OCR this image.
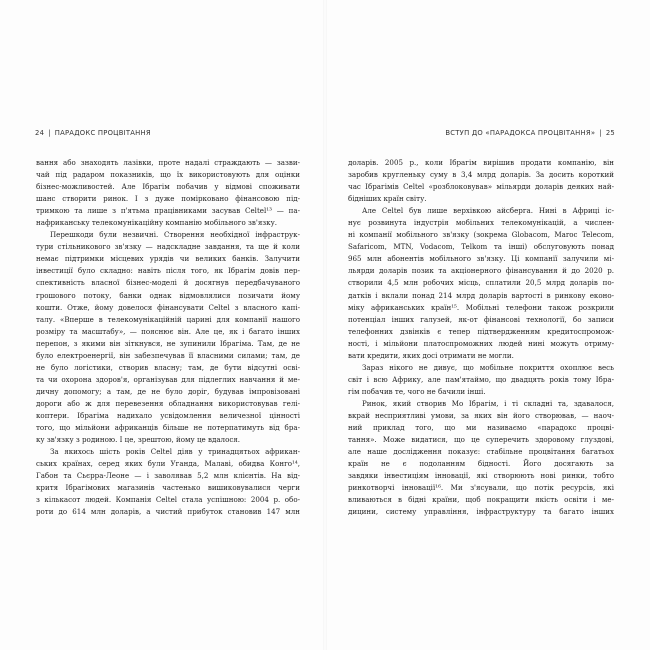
24 | ПАРАДОКС ПРОЦВІТАННЯ
вання або знаходять лазівки, проте надалі страждають — зазви-
чай під радаром показників, що їх використовують для оцінки
бізнес-можливостей. Але Ібрагім побачив у відмові споживати
шанс створити ринок. І з дуже помірковано фінансовою під-
тримкою та лише з п'ятьма працівниками засував Celtel¹³ — па-
нафриканську телекомунікаційну компанію мобільного зв'язку.
Перешкоди були незвичні. Створення необхідної інфраструк-
тури стільникового зв'язку — надскладне завдання, та ще й коли
немає підтримки місцевих урядів чи великих банків. Залучити
інвестиції було складно: навіть після того, як Ібрагім довів пер-
спективність власної бізнес-моделі й досягнув передбачуваного
грошового потоку, банки однак відмовлялися позичати йому
кошти. Отже, йому довелося фінансувати Celtel з власного капі-
талу. «Вперше в телекомунікаційній царині для компанії нашого
розміру та масштабу», — пояснює він. Але це, як і багато інших
перепон, з якими він зіткнувся, не зупинили Ібрагіма. Там, де не
було електроенергії, він забезпечував її власними силами; там, де
не було логістики, створив власну; там, де бути відсутні осві-
та чи охорона здоров'я, організував для підлеглих навчання й ме-
дичну допомогу; а там, де не було доріг, будував імпровізовані
дороги або ж для перевезення обладнання використовував гелі-
коптери. Ібрагіма надихало усвідомлення величезної цінності
того, що мільйони африканців більше не потерпатимуть від бра-
ку зв'язку з родиною. І це, зрештою, йому це вдалося.
За якихось шість років Celtel діяв у тринадцятьох африкан-
ських країнах, серед яких були Уганда, Малаві, обидва Конго¹⁴,
Габон та Сьєрра-Леоне — і заволявав 5,2 млн клієнтів. На від-
критя Ібрагімових магазинів частенько вишиковувалися черги
з кількасот людей. Компанія Celtel стала успішною: 2004 р. обо-
роти до 614 млн доларів, а чистий прибуток становив 147 млн
ВСТУП ДО «ПАРАДОКСА ПРОЦВІТАННЯ» | 25
доларів. 2005 р., коли Ібрагім вирішив продати компанію, він
заробив кругленьку суму в 3,4 млрд доларів. За досить короткий
час Ібрагімів Celtel «розблоковував» мільярди доларів деяких най-
бідніших країн світу.
Але Celtel був лише верхівкою айсберга. Нині в Африці іс-
нує розвинута індустрія мобільних телекомунікацій, а числен-
ні компанії мобільного зв'язку (зокрема Globacom, Maroc Telecom,
Safaricom, MTN, Vodacom, Telkom та інші) обслуговують понад
965 млн абонентів мобільного зв'язку. Ці компанії залучили мі-
льярди доларів позик та акціонерного фінансування й до 2020 р.
створили 4,5 млн робочих місць, сплатили 20,5 млрд доларів по-
датків і вклали понад 214 млрд доларів вартості в ринкову еконо-
міку африканських країн¹⁵. Мобільні телефони також розкрили
потенціал інших галузей, як-от фінансові технології, бо записи
телефонних дзвінків є тепер підтвердженням кредитоспромож-
ності, і мільйони платоспроможних людей нині можуть отриму-
вати кредити, яких досі отримати не могли.
Зараз нікого не дивує, що мобільне покриття охоплює весь
світ і всю Африку, але пам'ятаймо, що двадцять років тому Ібра-
гім побачив те, чого не бачили інші.
Ринок, який створив Мо Ібрагім, і ті складні та, здавалося,
вкрай несприятливі умови, за яких він його створював, — наоч-
ний приклад того, що ми називаємо «парадокс процві-
тання». Може видатися, що це суперечить здоровому глуздові,
але наше дослідження показує: стабільне процвітання багатьох
країн не є подоланням бідності. Його досягають за
завдяки інвестиціям інновації, які створюють нові ринки, тобто
ринкотворчі інновації¹⁶. Ми з'ясували, що потік ресурсів, які
вливаються в бідні країни, щоб покращити якість освіти і ме-
дицини, систему управління, інфраструктуру та багато інших
